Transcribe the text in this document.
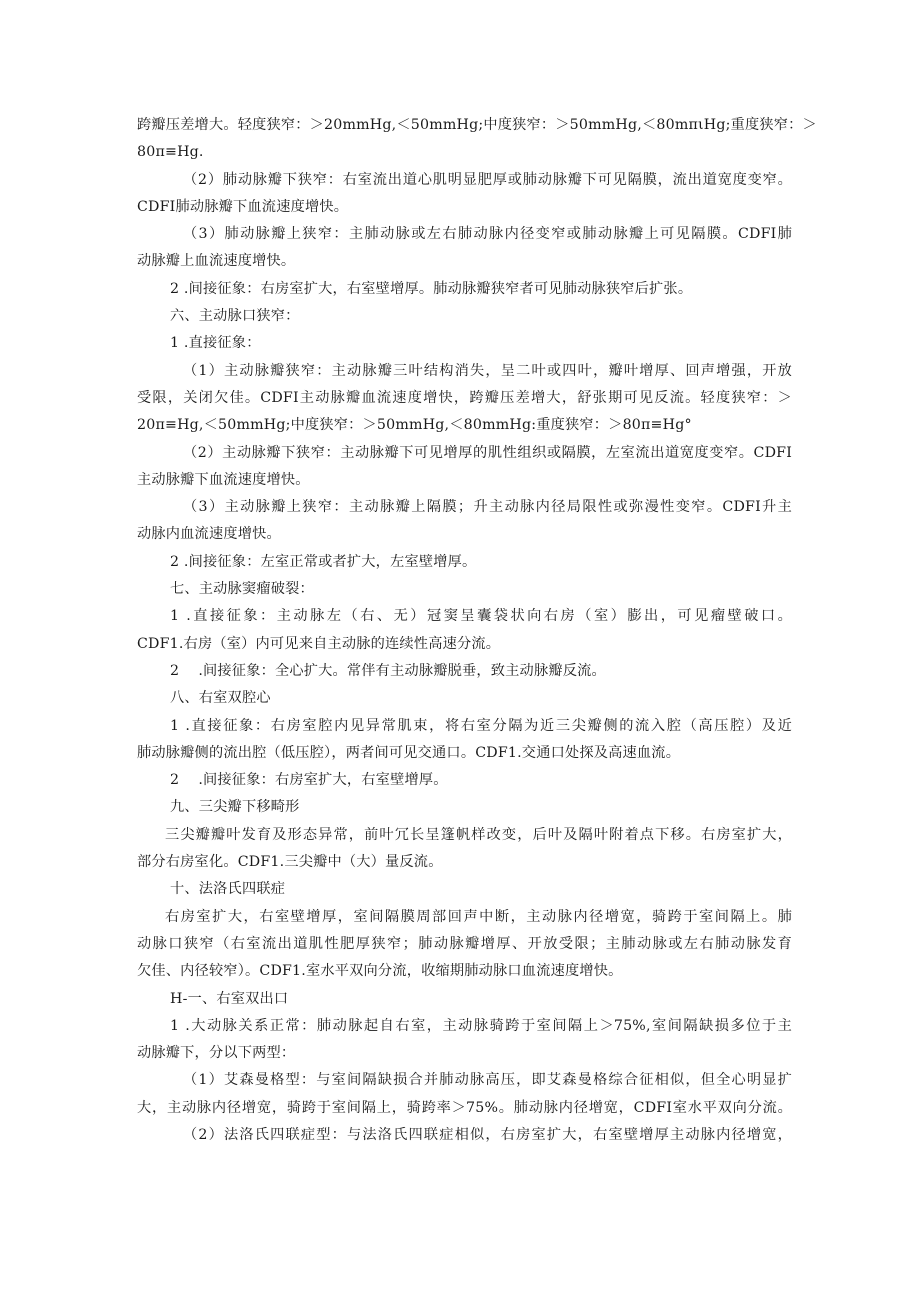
跨瓣压差增大。轻度狭窄：＞20mmHg,＜50mmHg;中度狭窄：＞50mmHg,＜80mπιHg;重度狭窄：＞
80π≡Hg.
（2）肺动脉瓣下狭窄：右室流出道心肌明显肥厚或肺动脉瓣下可见隔膜，流出道宽度变窄。
CDFI肺动脉瓣下血流速度增快。
（3）肺动脉瓣上狭窄：主肺动脉或左右肺动脉内径变窄或肺动脉瓣上可见隔膜。CDFI肺
动脉瓣上血流速度增快。
2 .间接征象：右房室扩大，右室壁增厚。肺动脉瓣狭窄者可见肺动脉狭窄后扩张。
六、主动脉口狭窄：
1 .直接征象：
（1）主动脉瓣狭窄：主动脉瓣三叶结构消失，呈二叶或四叶，瓣叶增厚、回声增强，开放
受限，关闭欠佳。CDFI主动脉瓣血流速度增快，跨瓣压差增大，舒张期可见反流。轻度狭窄：＞
20π≡Hg,＜50mmHg;中度狭窄：＞50mmHg,＜80mmHg:重度狭窄：＞80π≡Hg°
（2）主动脉瓣下狭窄：主动脉瓣下可见增厚的肌性组织或隔膜，左室流出道宽度变窄。CDFI
主动脉瓣下血流速度增快。
（3）主动脉瓣上狭窄：主动脉瓣上隔膜；升主动脉内径局限性或弥漫性变窄。CDFI升主
动脉内血流速度增快。
2 .间接征象：左室正常或者扩大，左室壁增厚。
七、主动脉窦瘤破裂：
1 .直接征象：主动脉左（右、无）冠窦呈囊袋状向右房（室）膨出，可见瘤壁破口。
CDF1.右房（室）内可见来自主动脉的连续性高速分流。
2　 .间接征象：全心扩大。常伴有主动脉瓣脱垂，致主动脉瓣反流。
八、右室双腔心
1 .直接征象：右房室腔内见异常肌束，将右室分隔为近三尖瓣侧的流入腔（高压腔）及近
肺动脉瓣侧的流出腔（低压腔），两者间可见交通口。CDF1.交通口处探及高速血流。
2　 .间接征象：右房室扩大，右室壁增厚。
九、三尖瓣下移畸形
三尖瓣瓣叶发育及形态异常，前叶冗长呈篷帆样改变，后叶及隔叶附着点下移。右房室扩大，
部分右房室化。CDF1.三尖瓣中（大）量反流。
十、法洛氏四联症
右房室扩大，右室壁增厚，室间隔膜周部回声中断，主动脉内径增宽，骑跨于室间隔上。肺
动脉口狭窄（右室流出道肌性肥厚狭窄；肺动脉瓣增厚、开放受限；主肺动脉或左右肺动脉发育
欠佳、内径较窄）。CDF1.室水平双向分流，收缩期肺动脉口血流速度增快。
H-一、右室双出口
1 .大动脉关系正常：肺动脉起自右室，主动脉骑跨于室间隔上＞75%,室间隔缺损多位于主
动脉瓣下，分以下两型：
（1）艾森曼格型：与室间隔缺损合并肺动脉高压，即艾森曼格综合征相似，但全心明显扩
大，主动脉内径增宽，骑跨于室间隔上，骑跨率＞75%。肺动脉内径增宽，CDFI室水平双向分流。
（2）法洛氏四联症型：与法洛氏四联症相似，右房室扩大，右室壁增厚主动脉内径增宽，
